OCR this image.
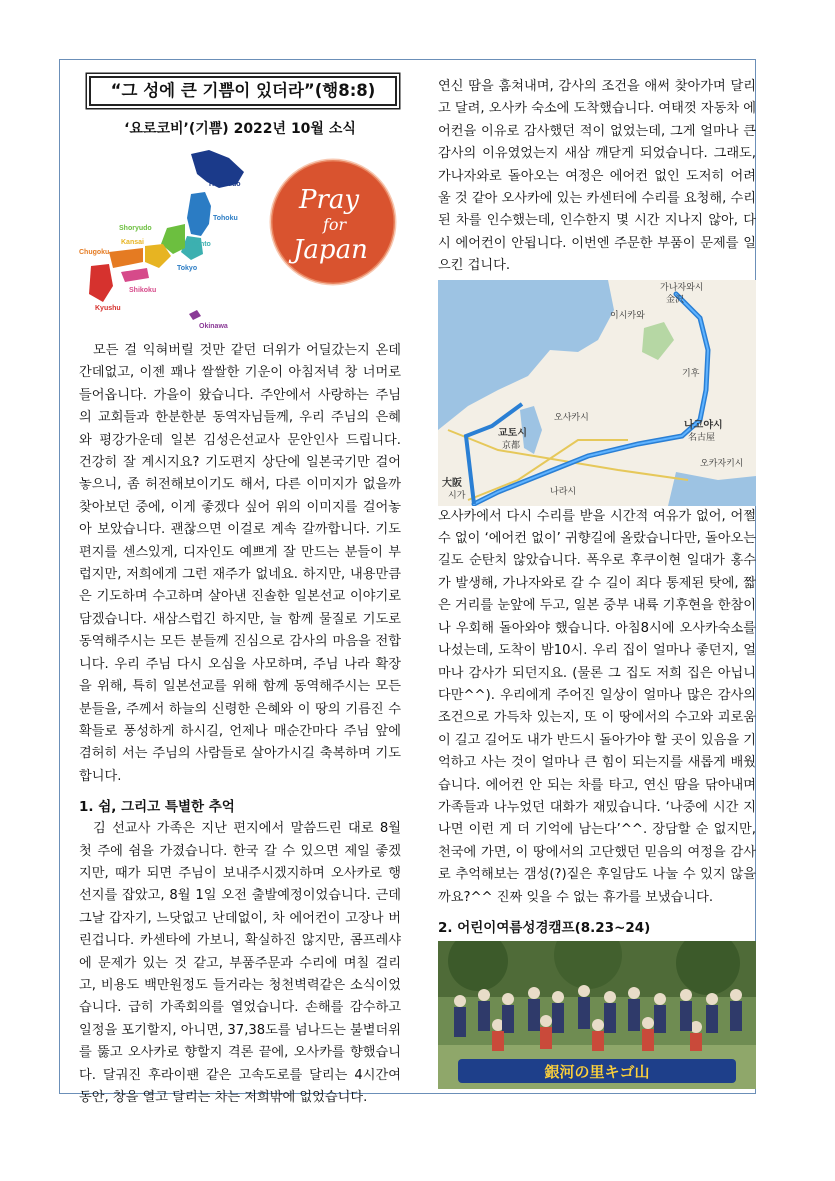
“그 성에 큰 기쁨이 있더라”(행8:8)
‘요로코비’(기쁨) 2022년 10월 소식
Hokkaido
Tohoku
Shoryudo
Kansai	Kanto
Chugoku
Tokyo
Shikoku
Kyushu
Okinawa
Pray
for
Japan

모든 걸 익혀버릴 것만 같던 더위가 어딜갔는지 온데간데없고, 이젠 꽤나 쌀쌀한 기운이 아침저녁 창 너머로 들어옵니다. 가을이 왔습니다. 주안에서 사랑하는 주님의 교회들과 한분한분 동역자님들께, 우리 주님의 은혜와 평강가운데 일본 김성은선교사 문안인사 드립니다. 건강히 잘 계시지요? 기도편지 상단에 일본국기만 걸어놓으니, 좀 허전해보이기도 해서, 다른 이미지가 없을까 찾아보던 중에, 이게 좋겠다 싶어 위의 이미지를 걸어놓아 보았습니다. 괜찮으면 이걸로 계속 갈까합니다. 기도편지를 센스있게, 디자인도 예쁘게 잘 만드는 분들이 부럽지만, 저희에게 그런 재주가 없네요. 하지만, 내용만큼은 기도하며 수고하며 살아낸 진솔한 일본선교 이야기로 담겠습니다. 새삼스럽긴 하지만, 늘 함께 물질로 기도로 동역해주시는 모든 분들께 진심으로 감사의 마음을 전합니다. 우리 주님 다시 오심을 사모하며, 주님 나라 확장을 위해, 특히 일본선교를 위해 함께 동역해주시는 모든 분들을, 주께서 하늘의 신령한 은혜와 이 땅의 기름진 수확들로 풍성하게 하시길, 언제나 매순간마다 주님 앞에 겸허히 서는 주님의 사람들로 살아가시길 축복하며 기도합니다.

1. 쉼, 그리고 특별한 추억

김 선교사 가족은 지난 편지에서 말씀드린 대로 8월 첫 주에 쉼을 가졌습니다. 한국 갈 수 있으면 제일 좋겠지만, 때가 되면 주님이 보내주시겠지하며 오사카로 행선지를 잡았고, 8월 1일 오전 출발예정이었습니다. 근데 그날 갑자기, 느닷없고 난데없이, 차 에어컨이 고장나 버린겁니다. 카센타에 가보니, 확실하진 않지만, 콤프레샤에 문제가 있는 것 같고, 부품주문과 수리에 며칠 걸리고, 비용도 백만원정도 들거라는 청천벽력같은 소식이었습니다. 급히 가족회의를 열었습니다. 손해를 감수하고 일정을 포기할지, 아니면, 37,38도를 넘나드는 불볕더위를 뚫고 오사카로 향할지 격론 끝에, 오사카를 향했습니다. 달궈진 후라이팬 같은 고속도로를 달리는 4시간여 동안, 창을 열고 달리는 차는 저희밖에 없었습니다.

연신 땀을 훔쳐내며, 감사의 조건을 애써 찾아가며 달리고 달려, 오사카 숙소에 도착했습니다. 여태껏 자동차 에어컨을 이유로 감사했던 적이 없었는데, 그게 얼마나 큰 감사의 이유였었는지 새삼 깨닫게 되었습니다. 그래도, 가나자와로 돌아오는 여정은 에어컨 없인 도저히 어려울 것 같아 오사카에 있는 카센터에 수리를 요청해, 수리된 차를 인수했는데, 인수한지 몇 시간 지나지 않아, 다시 에어컨이 안됩니다. 이번엔 주문한 부품이 문제를 일으킨 겁니다.

가나자와시
金沢
이시카와
기후
나고야시
名古屋
교토시
京都
오사카시
大阪
시가	나라시
오카자키시

오사카에서 다시 수리를 받을 시간적 여유가 없어, 어쩔 수 없이 ‘에어컨 없이’ 귀향길에 올랐습니다만, 돌아오는 길도 순탄치 않았습니다. 폭우로 후쿠이현 일대가 홍수가 발생해, 가나자와로 갈 수 길이 죄다 통제된 탓에, 짧은 거리를 눈앞에 두고, 일본 중부 내륙 기후현을 한참이나 우회해 돌아와야 했습니다. 아침8시에 오사카숙소를 나섰는데, 도착이 밤10시. 우리 집이 얼마나 좋던지, 얼마나 감사가 되던지요. (물론 그 집도 저희 집은 아닙니다만^^). 우리에게 주어진 일상이 얼마나 많은 감사의 조건으로 가득차 있는지, 또 이 땅에서의 수고와 괴로움이 길고 길어도 내가 반드시 돌아가야 할 곳이 있음을 기억하고 사는 것이 얼마나 큰 힘이 되는지를 새롭게 배웠습니다. 에어컨 안 되는 차를 타고, 연신 땀을 닦아내며 가족들과 나누었던 대화가 재밌습니다. ‘나중에 시간 지나면 이런 게 더 기억에 남는다’^^. 장담할 순 없지만, 천국에 가면, 이 땅에서의 고단했던 믿음의 여정을 감사로 추억해보는 갬성(?)짙은 후일담도 나눌 수 있지 않을까요?^^ 진짜 잊을 수 없는 휴가를 보냈습니다.

2. 어린이여름성경캠프(8.23~24)
銀河の里キゴ山
